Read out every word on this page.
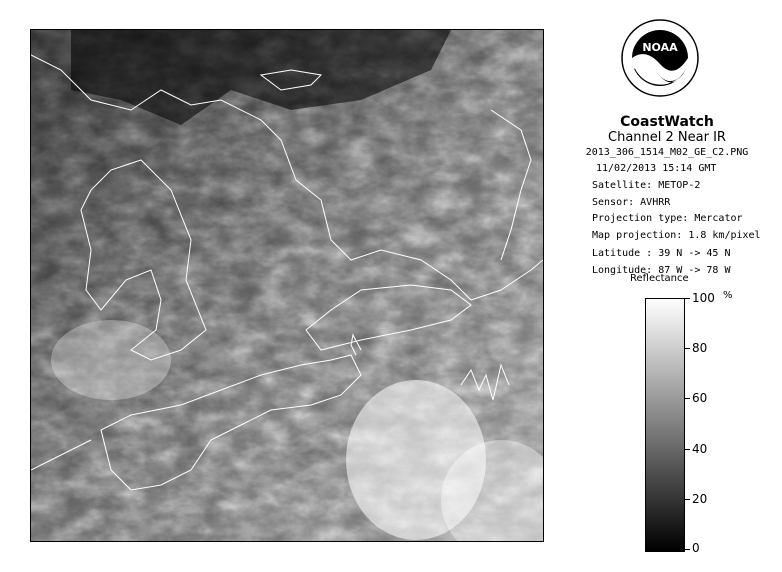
NOAA
CoastWatch
Channel 2 Near IR
2013_306_1514_M02_GE_C2.PNG
11/02/2013 15:14 GMT
Satellite: METOP-2
Sensor: AVHRR
Projection type: Mercator
Map projection: 1.8 km/pixel
Latitude : 39 N -> 45 N
Longitude: 87 W -> 78 W
Reflectance
%
100
80
60
40
20
0
